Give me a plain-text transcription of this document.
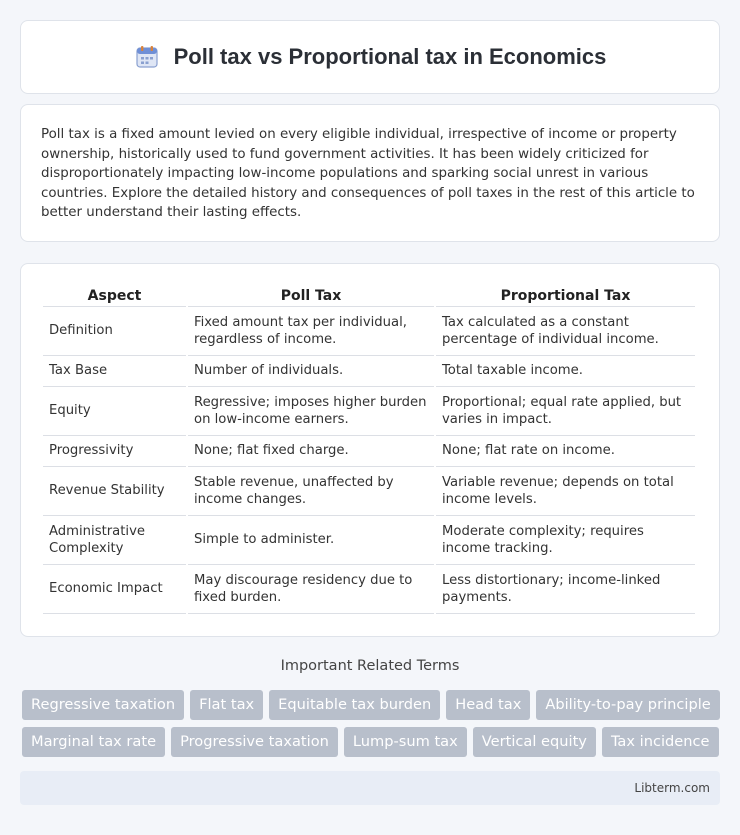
Poll tax vs Proportional tax in Economics

Poll tax is a fixed amount levied on every eligible individual, irrespective of income or property ownership, historically used to fund government activities. It has been widely criticized for disproportionately impacting low-income populations and sparking social unrest in various countries. Explore the detailed history and consequences of poll taxes in the rest of this article to better understand their lasting effects.

Aspect	Poll Tax	Proportional Tax
Definition	Fixed amount tax per individual, regardless of income.	Tax calculated as a constant percentage of individual income.
Tax Base	Number of individuals.	Total taxable income.
Equity	Regressive; imposes higher burden on low-income earners.	Proportional; equal rate applied, but varies in impact.
Progressivity	None; flat fixed charge.	None; flat rate on income.
Revenue Stability	Stable revenue, unaffected by income changes.	Variable revenue; depends on total income levels.
Administrative Complexity	Simple to administer.	Moderate complexity; requires income tracking.
Economic Impact	May discourage residency due to fixed burden.	Less distortionary; income-linked payments.
Important Related Terms
Regressive taxation	Flat tax	Equitable tax burden	Head tax	Ability-to-pay principle
Marginal tax rate	Progressive taxation	Lump-sum tax	Vertical equity	Tax incidence
Libterm.com
